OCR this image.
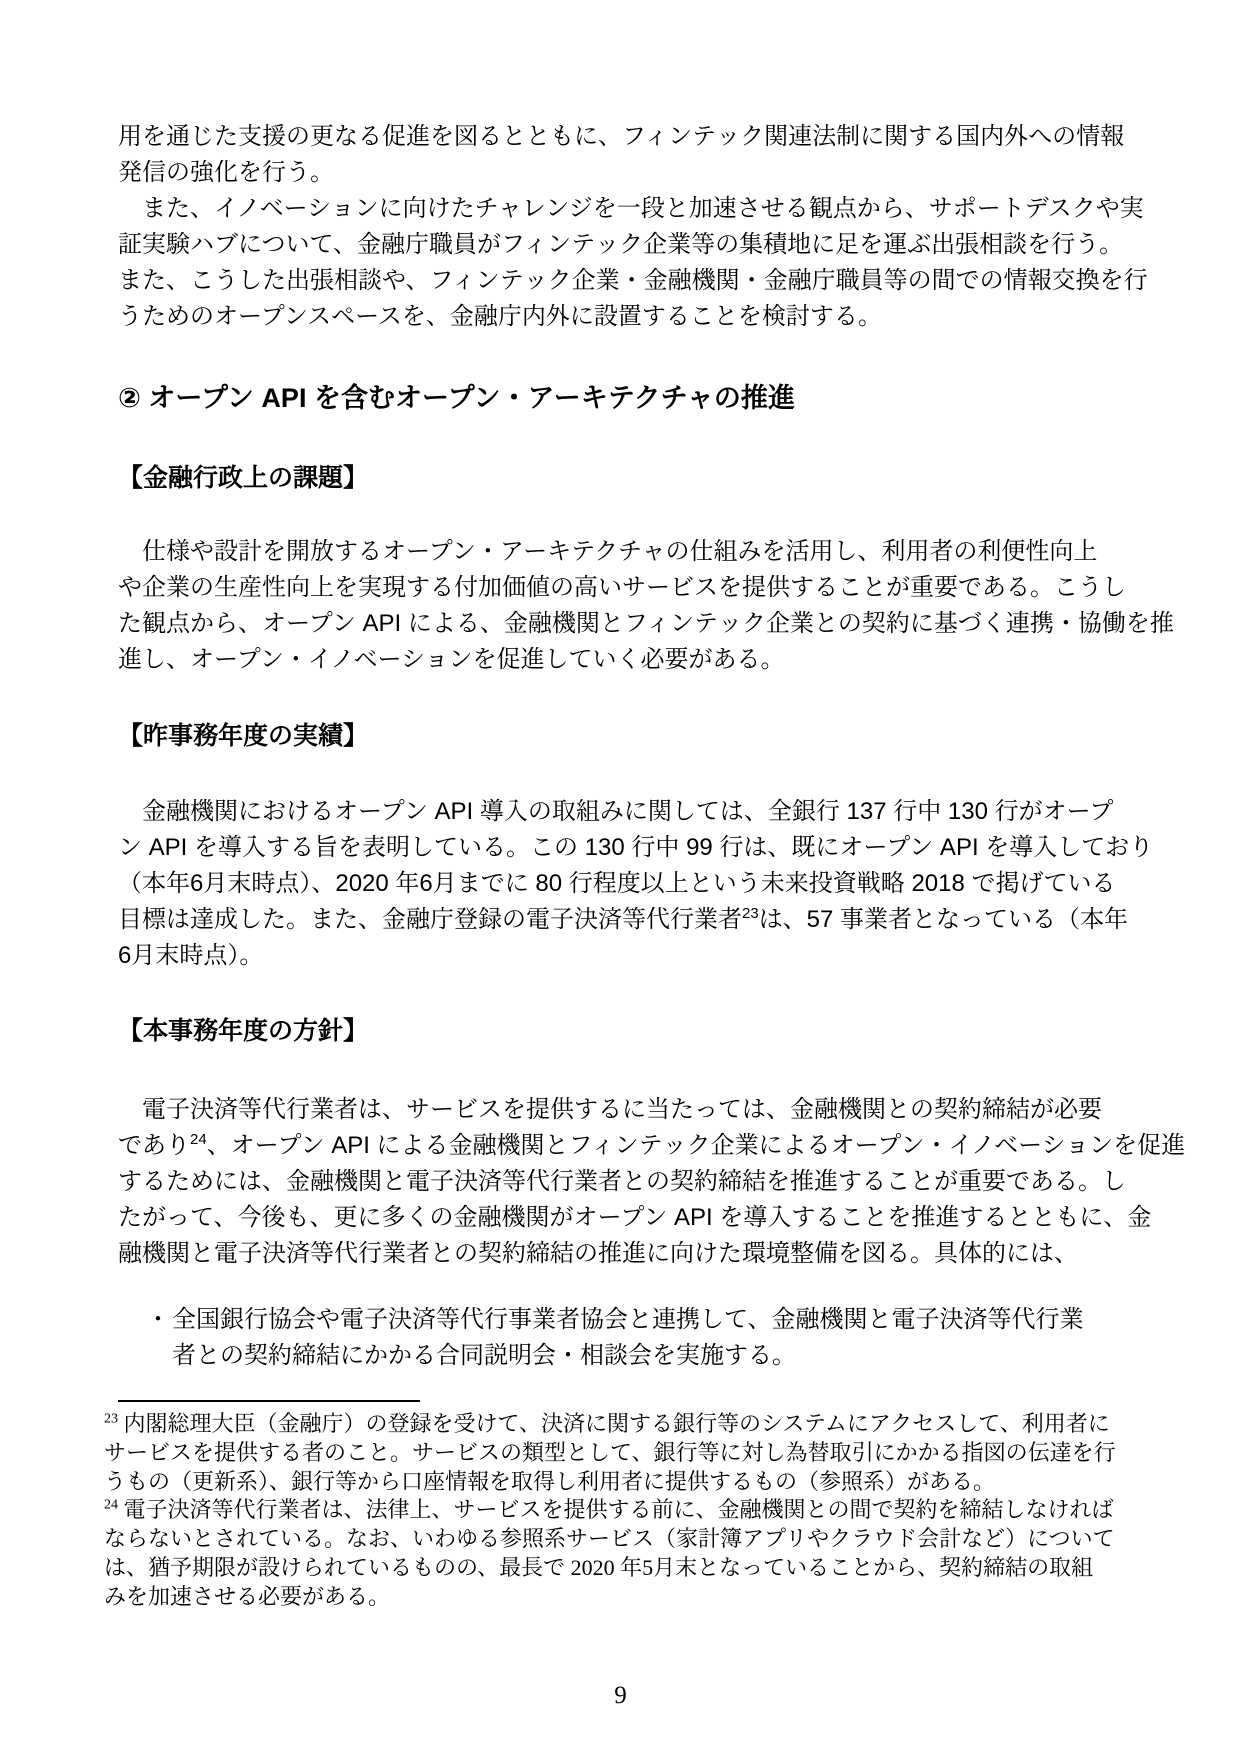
用を通じた支援の更なる促進を図るとともに、フィンテック関連法制に関する国内外への情報
発信の強化を行う。
　また、イノベーションに向けたチャレンジを一段と加速させる観点から、サポートデスクや実
証実験ハブについて、金融庁職員がフィンテック企業等の集積地に足を運ぶ出張相談を行う。
また、こうした出張相談や、フィンテック企業・金融機関・金融庁職員等の間での情報交換を行
うためのオープンスペースを、金融庁内外に設置することを検討する。
② オープン API を含むオープン・アーキテクチャの推進
【金融行政上の課題】
　仕様や設計を開放するオープン・アーキテクチャの仕組みを活用し、利用者の利便性向上
や企業の生産性向上を実現する付加価値の高いサービスを提供することが重要である。こうし
た観点から、オープン API による、金融機関とフィンテック企業との契約に基づく連携・協働を推
進し、オープン・イノベーションを促進していく必要がある。
【昨事務年度の実績】
　金融機関におけるオープン API 導入の取組みに関しては、全銀行 137 行中 130 行がオープ
ン API を導入する旨を表明している。この 130 行中 99 行は、既にオープン API を導入しており
（本年6月末時点）、2020 年6月までに 80 行程度以上という未来投資戦略 2018 で掲げている
目標は達成した。また、金融庁登録の電子決済等代行業者$^{23}$は、57 事業者となっている（本年
6月末時点）。
【本事務年度の方針】
　電子決済等代行業者は、サービスを提供するに当たっては、金融機関との契約締結が必要
であり$^{24}$、オープン API による金融機関とフィンテック企業によるオープン・イノベーションを促進
するためには、金融機関と電子決済等代行業者との契約締結を推進することが重要である。し
たがって、今後も、更に多くの金融機関がオープン API を導入することを推進するとともに、金
融機関と電子決済等代行業者との契約締結の推進に向けた環境整備を図る。具体的には、
・ 全国銀行協会や電子決済等代行事業者協会と連携して、金融機関と電子決済等代行業
者との契約締結にかかる合同説明会・相談会を実施する。
$^{23}$ 内閣総理大臣（金融庁）の登録を受けて、決済に関する銀行等のシステムにアクセスして、利用者に
サービスを提供する者のこと。サービスの類型として、銀行等に対し為替取引にかかる指図の伝達を行
うもの（更新系）、銀行等から口座情報を取得し利用者に提供するもの（参照系）がある。
$^{24}$ 電子決済等代行業者は、法律上、サービスを提供する前に、金融機関との間で契約を締結しなければ
ならないとされている。なお、いわゆる参照系サービス（家計簿アプリやクラウド会計など）について
は、猶予期限が設けられているものの、最長で 2020 年5月末となっていることから、契約締結の取組
みを加速させる必要がある。
9
